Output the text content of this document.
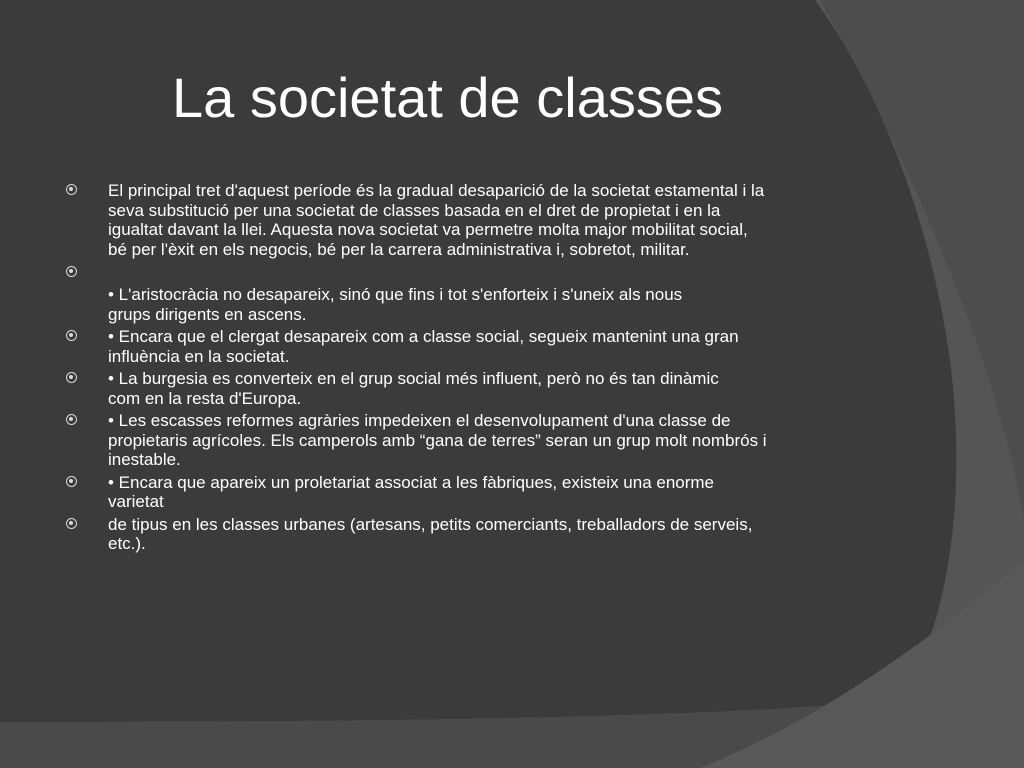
La societat de classes
El principal tret d'aquest període és la gradual desaparició de la societat estamental i la
seva substitució per una societat de classes basada en el dret de propietat i en la
igualtat davant la llei. Aquesta nova societat va permetre molta major mobilitat social,
bé per l'èxit en els negocis, bé per la carrera administrativa i, sobretot, militar.
• L'aristocràcia no desapareix, sinó que fins i tot s'enforteix i s'uneix als nous
grups dirigents en ascens.
• Encara que el clergat desapareix com a classe social, segueix mantenint una gran
influència en la societat.
• La burgesia es converteix en el grup social més influent, però no és tan dinàmic
com en la resta d'Europa.
• Les escasses reformes agràries impedeixen el desenvolupament d'una classe de
propietaris agrícoles. Els camperols amb “gana de terres” seran un grup molt nombrós i
inestable.
• Encara que apareix un proletariat associat a les fàbriques, existeix una enorme
varietat
de tipus en les classes urbanes (artesans, petits comerciants, treballadors de serveis,
etc.).
